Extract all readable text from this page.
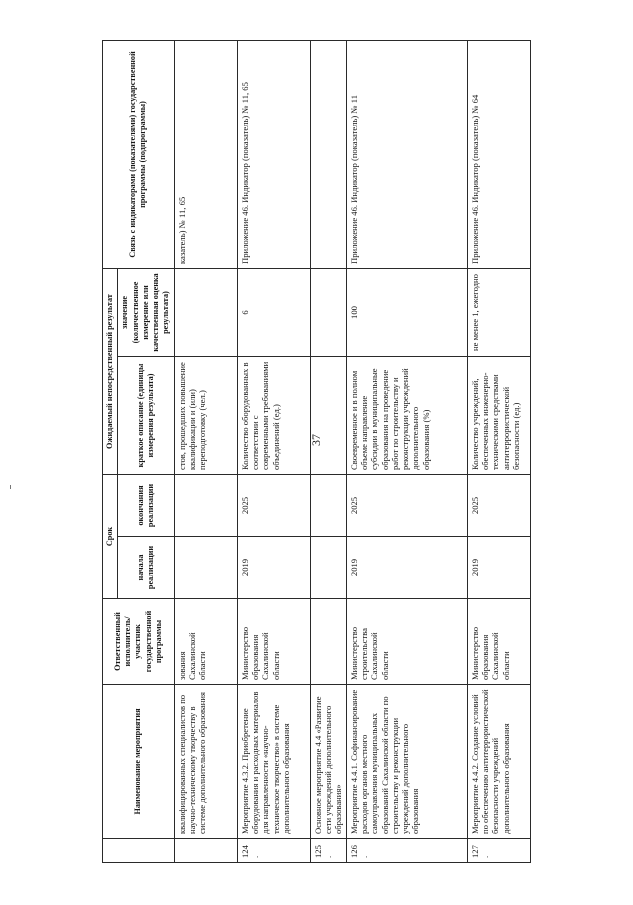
37
	Наименование мероприятия	Ответственный исполнитель/участник государственной программы	Срок		Ожидаемый непосредственный результат		Связь с индикаторами (показателями) государственной программы (подпрограммы)
			начала реализации	окончания реализации	краткое описание (единицы измерения результата)	значение (количественное измерение или качественная оценка результата)	
	квалифицированных специалистов по научно-техническому творчеству в системе дополнительного образования	зования Сахалинской области			стов, прошедших повышение квалификации и (или) переподготовку (чел.)		казатель) № 11, 65
124.	Мероприятие 4.3.2. Приобретение оборудования и расходных материалов для направленности «научно-техническое творчество» в системе дополнительного образования	Министерство образования Сахалинской области	2019	2025	Количество оборудованных в соответствии с современными требованиями объединений (ед.)	6	Приложение 46. Индикатор (показатель) № 11, 65
125.	Основное мероприятие 4.4 «Развитие сети учреждений дополнительного образования»						
126.	Мероприятие 4.4.1. Софинансирование расходов органов местного самоуправления муниципальных образований Сахалинской области по строительству и реконструкции учреждений дополнительного образования	Министерство строительства Сахалинской области	2019	2025	Своевременное и в полном объеме направление субсидии в муниципальные образования на проведение работ по строительству и реконструкции учреждений дополнительного образования (%)	100	Приложение 46. Индикатор (показатель) № 11
127.	Мероприятие 4.4.2. Создание условий по обеспечению антитеррористической безопасности учреждений дополнительного образования	Министерство образования Сахалинской области	2019	2025	Количество учреждений, обеспеченных инженерно-техническими средствами антитеррористической безопасности (ед.)	не менее 1, ежегодно	Приложение 46. Индикатор (показатель) № 64
